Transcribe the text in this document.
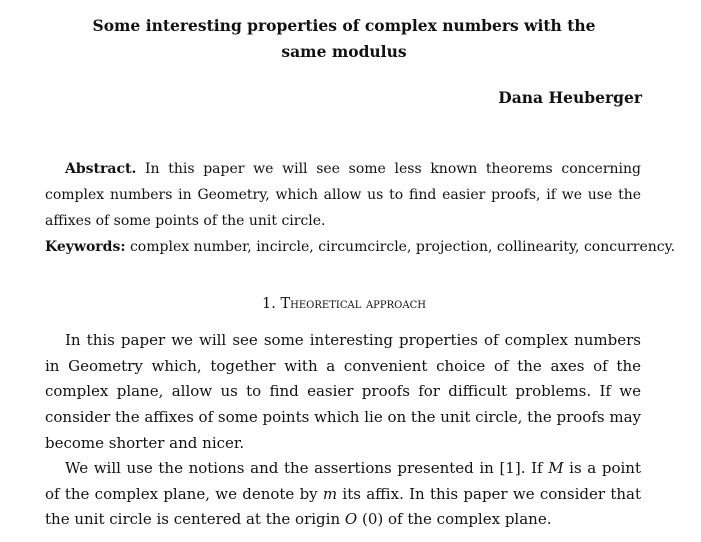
Some interesting properties of complex numbers with the same modulus
Dana Heuberger

Abstract. In this paper we will see some less known theorems concerning complex numbers in Geometry, which allow us to find easier proofs, if we use the affixes of some points of the unit circle.

Keywords: complex number, incircle, circumcircle, projection, collinearity, concurrency.

1. Theoretical approach

In this paper we will see some interesting properties of complex numbers in Geometry which, together with a convenient choice of the axes of the complex plane, allow us to find easier proofs for difficult problems. If we consider the affixes of some points which lie on the unit circle, the proofs may become shorter and nicer.

We will use the notions and the assertions presented in [1]. If M is a point of the complex plane, we denote by m its affix. In this paper we consider that the unit circle is centered at the origin O (0) of the complex plane.
